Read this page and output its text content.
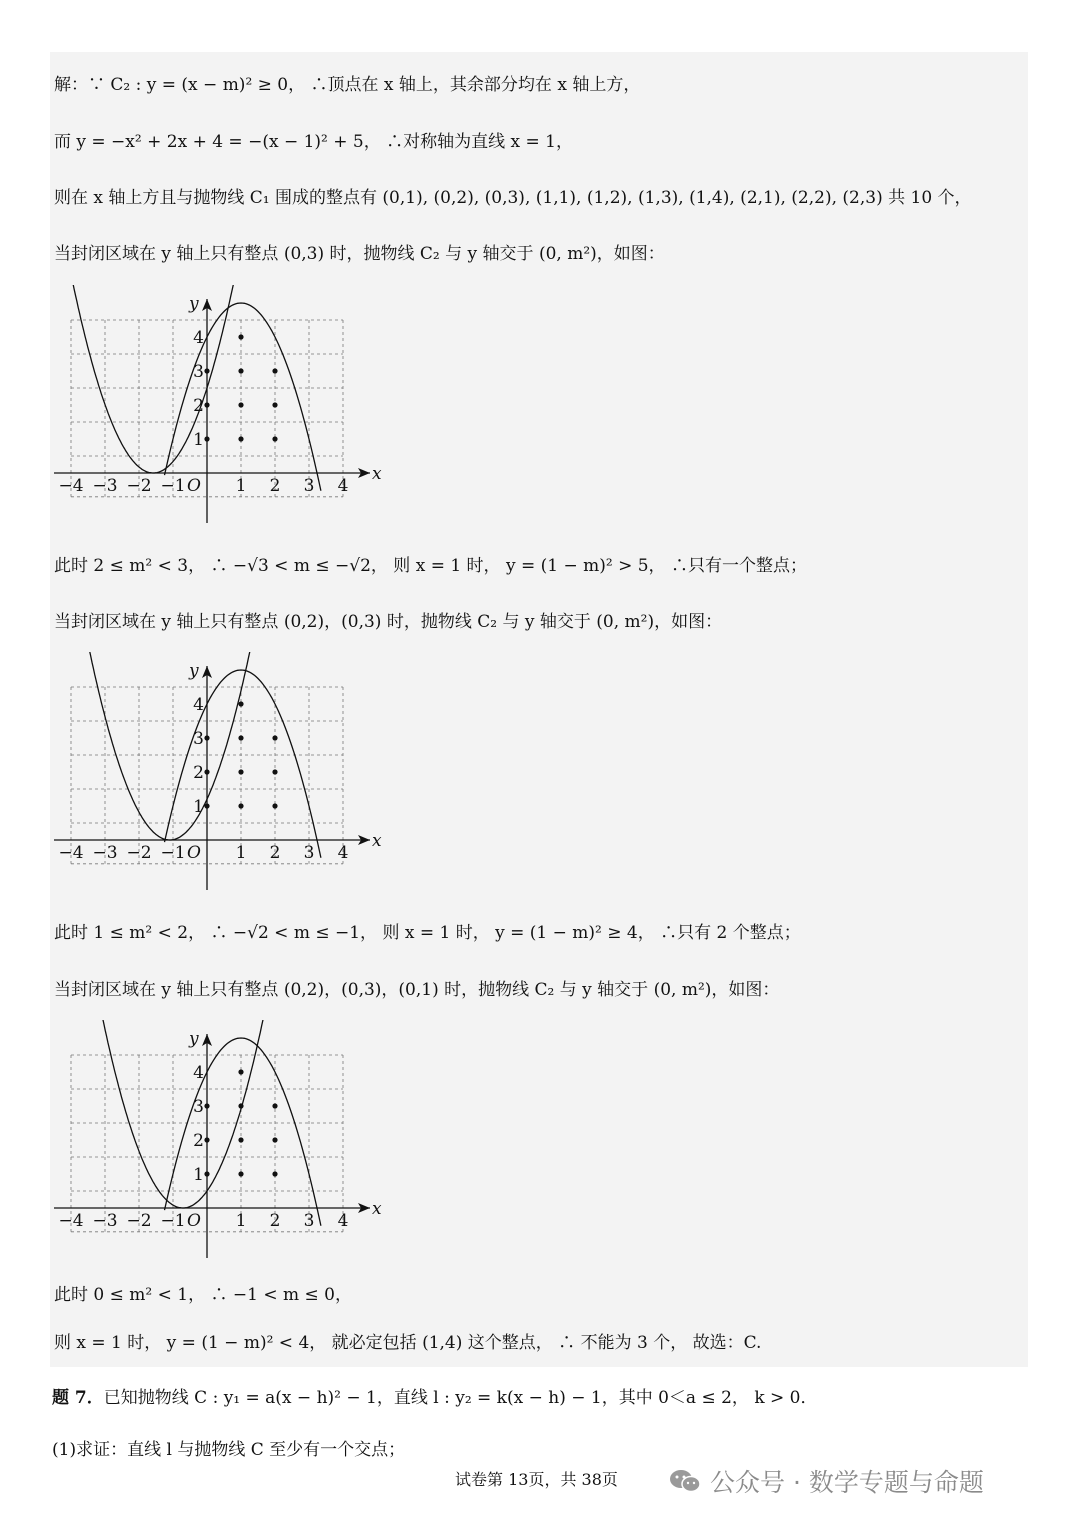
解：∵ C₂ : y = (x − m)² ≥ 0， ∴顶点在 x 轴上，其余部分均在 x 轴上方，
而 y = −x² + 2x + 4 = −(x − 1)² + 5， ∴对称轴为直线 x = 1，
则在 x 轴上方且与抛物线 C₁ 围成的整点有 (0,1), (0,2), (0,3), (1,1), (1,2), (1,3), (1,4), (2,1), (2,2), (2,3) 共 10 个，
当封闭区域在 y 轴上只有整点 (0,3) 时，抛物线 C₂ 与 y 轴交于 (0, m²)，如图：
−4 −3 −2 −1	1 2 3 4
1
2
3
4
x
y
O
此时 2 ≤ m² < 3， ∴ −√3 < m ≤ −√2， 则 x = 1 时， y = (1 − m)² > 5， ∴只有一个整点；
当封闭区域在 y 轴上只有整点 (0,2)，(0,3) 时，抛物线 C₂ 与 y 轴交于 (0, m²)，如图：
−4 −3 −2 −1	1 2 3 4
1
2
3
4
x
y
O
此时 1 ≤ m² < 2， ∴ −√2 < m ≤ −1， 则 x = 1 时， y = (1 − m)² ≥ 4， ∴只有 2 个整点；
当封闭区域在 y 轴上只有整点 (0,2)，(0,3)，(0,1) 时，抛物线 C₂ 与 y 轴交于 (0, m²)，如图：
−4 −3 −2 −1	1 2 3 4
1
2
3
4
x
y
O
此时 0 ≤ m² < 1， ∴ −1 < m ≤ 0，
则 x = 1 时， y = (1 − m)² < 4， 就必定包括 (1,4) 这个整点， ∴ 不能为 3 个， 故选：C.
题 7．已知抛物线 C : y₁ = a(x − h)² − 1，直线 l : y₂ = k(x − h) − 1，其中 0＜a ≤ 2， k > 0．
(1)求证：直线 l 与抛物线 C 至少有一个交点；
试卷第 13页，共 38页	公众号 · 数学专题与命题
